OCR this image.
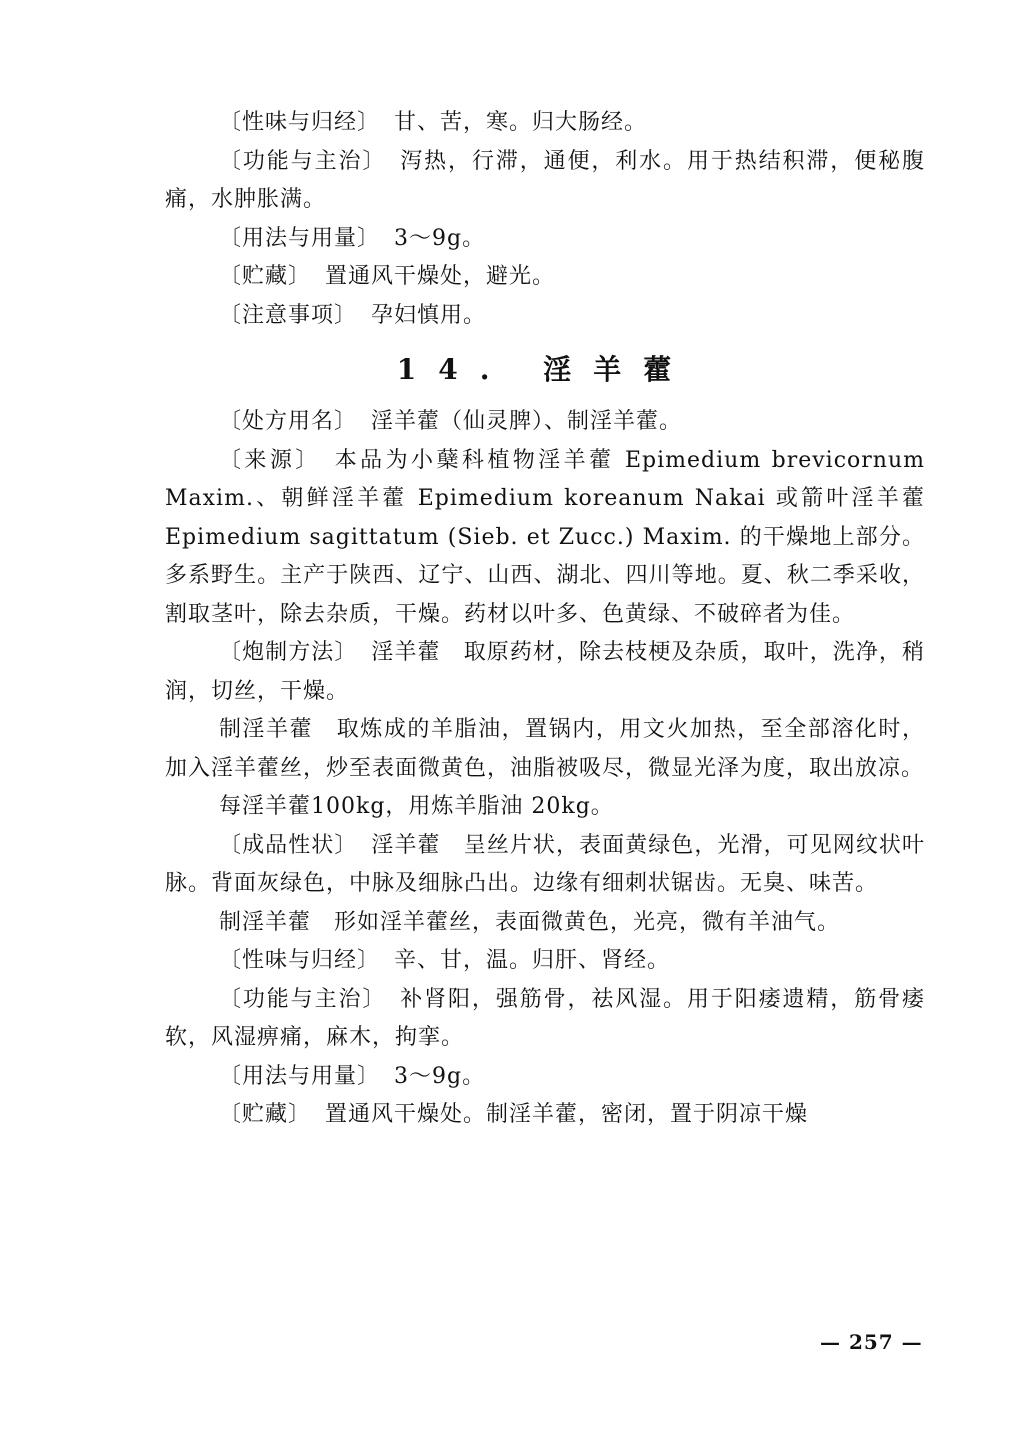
〔性味与归经〕 甘、苦，寒。归大肠经。

〔功能与主治〕 泻热，行滞，通便，利水。用于热结积滞，便秘腹痛，水肿胀满。

〔用法与用量〕 3～9g。

〔贮藏〕 置通风干燥处，避光。

〔注意事项〕 孕妇慎用。

14. 淫羊藿

〔处方用名〕 淫羊藿（仙灵脾）、制淫羊藿。

〔来源〕 本品为小蘖科植物淫羊藿 Epimedium brevicornum Maxim.、朝鲜淫羊藿 Epimedium koreanum Nakai 或箭叶淫羊藿 Epimedium sagittatum (Sieb. et Zucc.) Maxim. 的干燥地上部分。多系野生。主产于陕西、辽宁、山西、湖北、四川等地。夏、秋二季采收，割取茎叶，除去杂质，干燥。药材以叶多、色黄绿、不破碎者为佳。

〔炮制方法〕 淫羊藿　取原药材，除去枝梗及杂质，取叶，洗净，稍润，切丝，干燥。

制淫羊藿　取炼成的羊脂油，置锅内，用文火加热，至全部溶化时，加入淫羊藿丝，炒至表面微黄色，油脂被吸尽，微显光泽为度，取出放凉。

每淫羊藿100kg，用炼羊脂油 20kg。

〔成品性状〕 淫羊藿　呈丝片状，表面黄绿色，光滑，可见网纹状叶脉。背面灰绿色，中脉及细脉凸出。边缘有细刺状锯齿。无臭、味苦。

制淫羊藿　形如淫羊藿丝，表面微黄色，光亮，微有羊油气。

〔性味与归经〕 辛、甘，温。归肝、肾经。

〔功能与主治〕 补肾阳，强筋骨，祛风湿。用于阳痿遗精，筋骨痿软，风湿痹痛，麻木，拘挛。

〔用法与用量〕 3～9g。

〔贮藏〕 置通风干燥处。制淫羊藿，密闭，置于阴凉干燥

— 257 —
